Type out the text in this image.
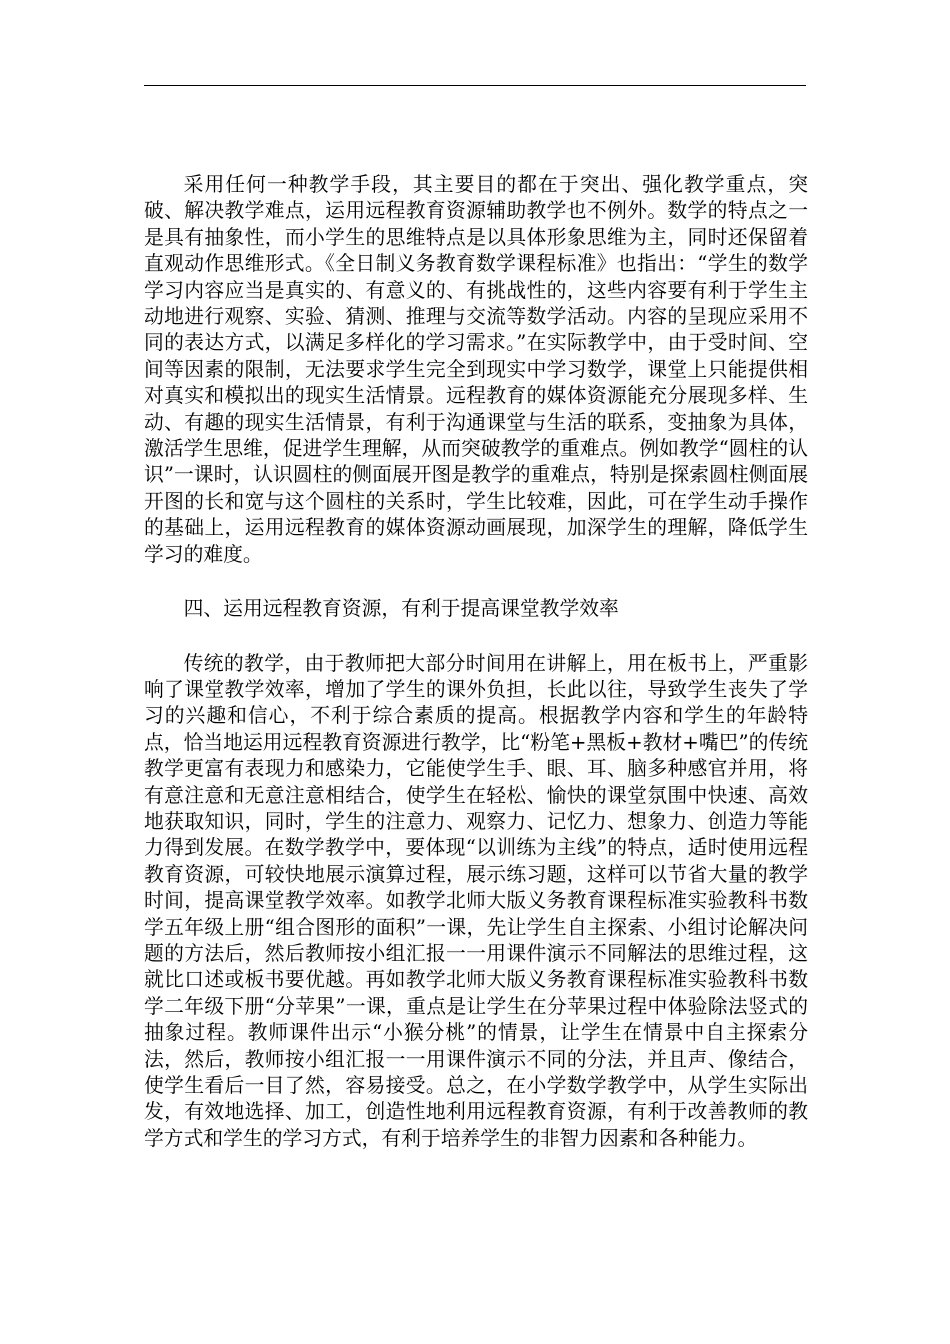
采用任何一种教学手段，其主要目的都在于突出、强化教学重点，突破、解决教学难点，运用远程教育资源辅助教学也不例外。数学的特点之一是具有抽象性，而小学生的思维特点是以具体形象思维为主，同时还保留着直观动作思维形式。《全日制义务教育数学课程标准》也指出：“学生的数学学习内容应当是真实的、有意义的、有挑战性的，这些内容要有利于学生主动地进行观察、实验、猜测、推理与交流等数学活动。内容的呈现应采用不同的表达方式，以满足多样化的学习需求。”在实际教学中，由于受时间、空间等因素的限制，无法要求学生完全到现实中学习数学，课堂上只能提供相对真实和模拟出的现实生活情景。远程教育的媒体资源能充分展现多样、生动、有趣的现实生活情景，有利于沟通课堂与生活的联系，变抽象为具体，激活学生思维，促进学生理解，从而突破教学的重难点。例如教学“圆柱的认识”一课时，认识圆柱的侧面展开图是教学的重难点，特别是探索圆柱侧面展开图的长和宽与这个圆柱的关系时，学生比较难，因此，可在学生动手操作的基础上，运用远程教育的媒体资源动画展现，加深学生的理解，降低学生学习的难度。

四、运用远程教育资源，有利于提高课堂教学效率

传统的教学，由于教师把大部分时间用在讲解上，用在板书上，严重影响了课堂教学效率，增加了学生的课外负担，长此以往，导致学生丧失了学习的兴趣和信心，不利于综合素质的提高。根据教学内容和学生的年龄特点，恰当地运用远程教育资源进行教学，比“粉笔+黑板+教材+嘴巴”的传统教学更富有表现力和感染力，它能使学生手、眼、耳、脑多种感官并用，将有意注意和无意注意相结合，使学生在轻松、愉快的课堂氛围中快速、高效地获取知识，同时，学生的注意力、观察力、记忆力、想象力、创造力等能力得到发展。在数学教学中，要体现“以训练为主线”的特点，适时使用远程教育资源，可较快地展示演算过程，展示练习题，这样可以节省大量的教学时间，提高课堂教学效率。如教学北师大版义务教育课程标准实验教科书数学五年级上册“组合图形的面积”一课，先让学生自主探索、小组讨论解决问题的方法后，然后教师按小组汇报一一用课件演示不同解法的思维过程，这就比口述或板书要优越。再如教学北师大版义务教育课程标准实验教科书数学二年级下册“分苹果”一课，重点是让学生在分苹果过程中体验除法竖式的抽象过程。教师课件出示“小猴分桃”的情景，让学生在情景中自主探索分法，然后，教师按小组汇报一一用课件演示不同的分法，并且声、像结合，使学生看后一目了然，容易接受。总之，在小学数学教学中，从学生实际出发，有效地选择、加工，创造性地利用远程教育资源，有利于改善教师的教学方式和学生的学习方式，有利于培养学生的非智力因素和各种能力。
